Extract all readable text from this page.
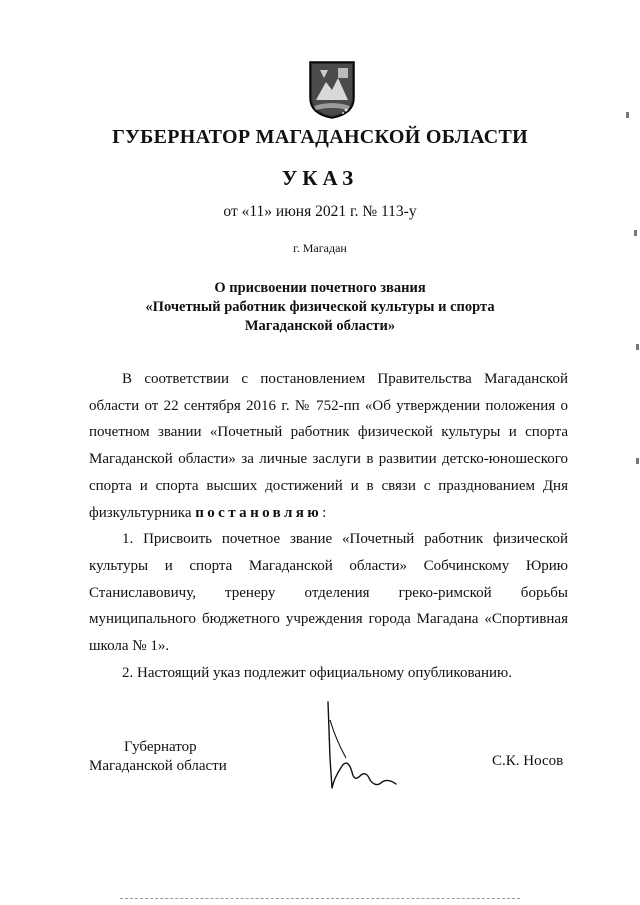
ГУБЕРНАТОР МАГАДАНСКОЙ ОБЛАСТИ
УКАЗ
от «11» июня 2021 г. № 113-у
г. Магадан
О присвоении почетного звания
«Почетный работник физической культуры и спорта
Магаданской области»

В соответствии с постановлением Правительства Магаданской области от 22 сентября 2016 г. № 752-пп «Об утверждении положения о почетном звании «Почетный работник физической культуры и спорта Магаданской области» за личные заслуги в развитии детско-юношеского спорта и спорта высших достижений и в связи с празднованием Дня физкультурника постановляю:

1. Присвоить почетное звание «Почетный работник физической культуры и спорта Магаданской области» Собчинскому Юрию Станиславовичу, тренеру отделения греко-римской борьбы муниципального бюджетного учреждения города Магадана «Спортивная школа № 1».

2. Настоящий указ подлежит официальному опубликованию.

Губернатор
Магаданской области	С.К. Носов
